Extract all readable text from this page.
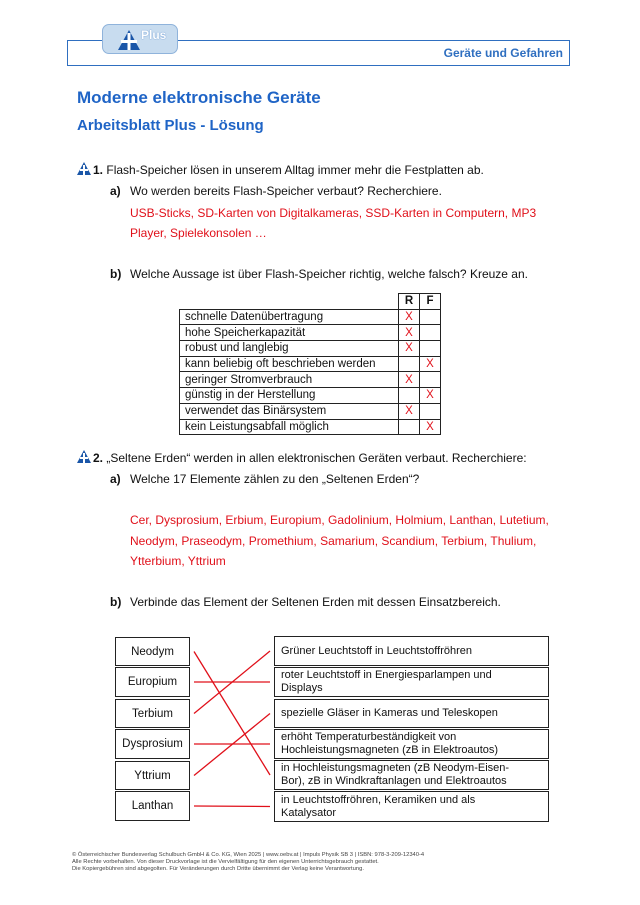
Plus
Geräte und Gefahren
Moderne elektronische Geräte
Arbeitsblatt Plus - Lösung
1. Flash-Speicher lösen in unserem Alltag immer mehr die Festplatten ab.
a) Wo werden bereits Flash-Speicher verbaut? Recherchiere.
USB-Sticks, SD-Karten von Digitalkameras, SSD-Karten in Computern, MP3
Player, Spielekonsolen …
b) Welche Aussage ist über Flash-Speicher richtig, welche falsch? Kreuze an.
	R	F
schnelle Datenübertragung	X	
hohe Speicherkapazität	X	
robust und langlebig	X	
kann beliebig oft beschrieben werden		X
geringer Stromverbrauch	X	
günstig in der Herstellung		X
verwendet das Binärsystem	X	
kein Leistungsabfall möglich		X
2. „Seltene Erden“ werden in allen elektronischen Geräten verbaut. Recherchiere:
a) Welche 17 Elemente zählen zu den „Seltenen Erden“?
Cer, Dysprosium, Erbium, Europium, Gadolinium, Holmium, Lanthan, Lutetium,
Neodym, Praseodym, Promethium, Samarium, Scandium, Terbium, Thulium,
Ytterbium, Yttrium
b) Verbinde das Element der Seltenen Erden mit dessen Einsatzbereich.
Neodym
Europium
Terbium
Dysprosium
Yttrium
Lanthan
Grüner Leuchtstoff in Leuchtstoffröhren
roter Leuchtstoff in Energiesparlampen und
Displays
spezielle Gläser in Kameras und Teleskopen
erhöht Temperaturbeständigkeit von
Hochleistungsmagneten (zB in Elektroautos)
in Hochleistungsmagneten (zB Neodym-Eisen-
Bor), zB in Windkraftanlagen und Elektroautos
in Leuchtstoffröhren, Keramiken und als
Katalysator
© Österreichischer Bundesverlag Schulbuch GmbH & Co. KG, Wien 2025 | www.oebv.at | Impuls Physik SB 3 | ISBN: 978-3-209-12340-4
Alle Rechte vorbehalten. Von dieser Druckvorlage ist die Vervielfältigung für den eigenen Unterrichtsgebrauch gestattet.
Die Kopiergebühren sind abgegolten. Für Veränderungen durch Dritte übernimmt der Verlag keine Verantwortung.
